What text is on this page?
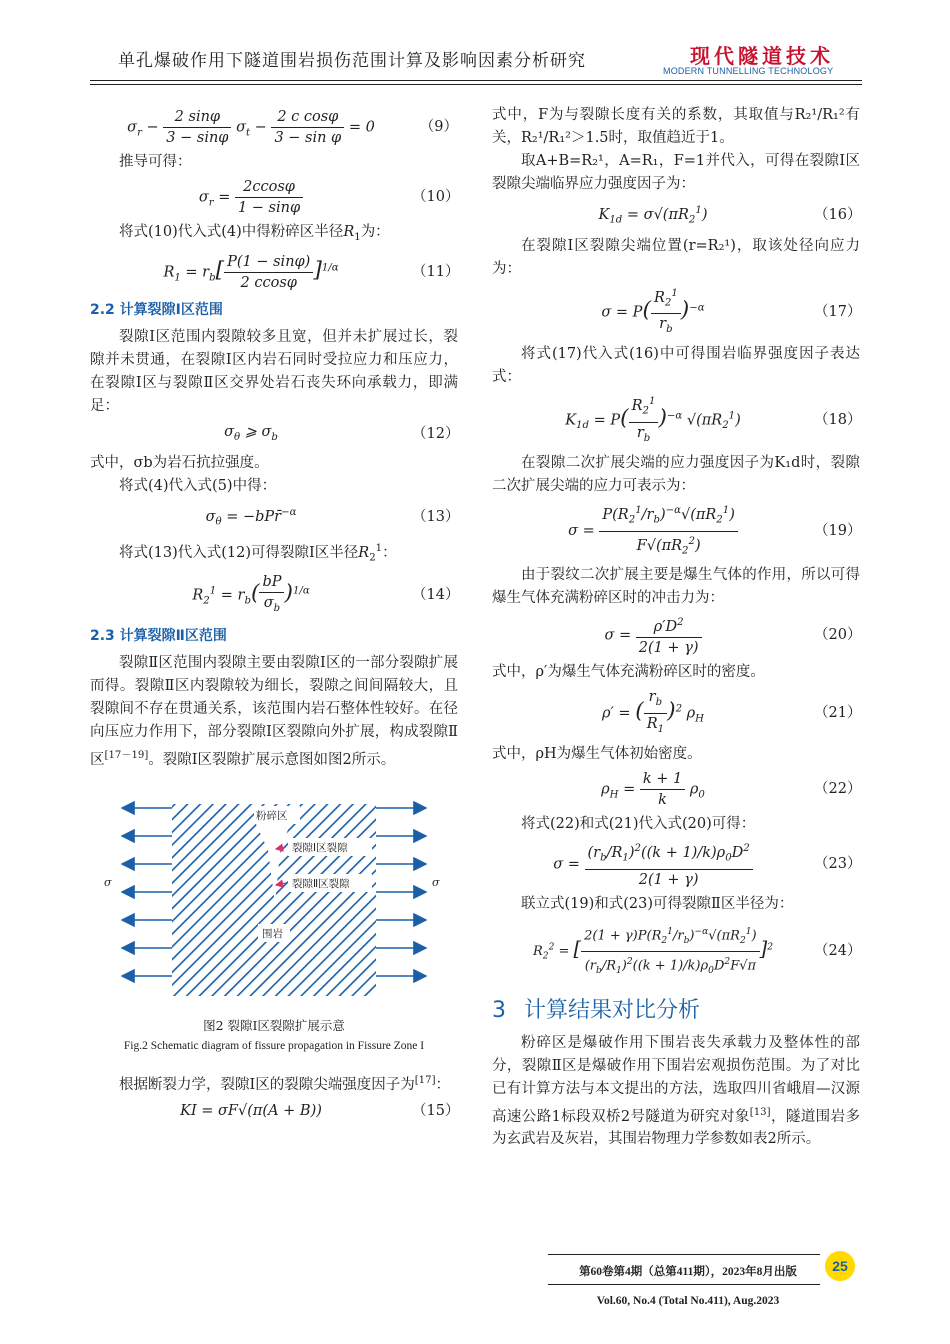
单孔爆破作用下隧道围岩损伤范围计算及影响因素分析研究	现代隧道技术
MODERN TUNNELLING TECHNOLOGY
$\sigma_r - \frac{2 \sin\varphi}{3 - \sin\varphi} \sigma_t - \frac{\text{2 c cosφ}}{\text{3 − sin φ}} = 0$	（9）

推导可得：

$\sigma_r = \frac{2ccos\varphi}{1 - \sin\varphi}$	（10）

将式(10)代入式(4)中得粉碎区半径$R_1$为：

$R_1 = r_b[ \frac{P(1 - \sin\varphi)}{2 ccos\varphi} ]^{1/\alpha}$	（11）
2.2 计算裂隙Ⅰ区范围

裂隙Ⅰ区范围内裂隙较多且宽，但并未扩展过长，裂隙并未贯通，在裂隙Ⅰ区内岩石同时受拉应力和压应力，在裂隙Ⅰ区与裂隙Ⅱ区交界处岩石丧失环向承载力，即满足：

$\sigma_\theta$ ⩾ $\sigma_b$	（12）

式中，σb为岩石抗拉强度。

将式(4)代入式(5)中得：

$\sigma_\theta$ = −bPr̄$^{-\alpha}$	（13）

将式(13)代入式(12)可得裂隙Ⅰ区半径$R_2^1$：

$R_2^1 = r_b( \frac{bP}{\sigma_b} )^{1/\alpha}$	（14）
2.3 计算裂隙Ⅱ区范围

裂隙Ⅱ区范围内裂隙主要由裂隙Ⅰ区的一部分裂隙扩展而得。裂隙Ⅱ区内裂隙较为细长，裂隙之间间隔较大，且裂隙间不存在贯通关系，该范围内岩石整体性较好。在径向压应力作用下，部分裂隙Ⅰ区裂隙向外扩展，构成裂隙Ⅱ区[17－19]。裂隙Ⅰ区裂隙扩展示意图如图2所示。

粉碎区
裂隙Ⅰ区裂隙
裂隙Ⅱ区裂隙
围岩
σ	σ
图2 裂隙Ⅰ区裂隙扩展示意
Fig.2 Schematic diagram of fissure propagation in Fissure Zone I

根据断裂力学，裂隙Ⅰ区的裂隙尖端强度因子为[17]：

KI = σF√(π(A + B))	（15）

式中，F为与裂隙长度有关的系数，其取值与R₂¹/R₁²有关，R₂¹/R₁²＞1.5时，取值趋近于1。

取A+B=R₂¹，A=R₁，F=1并代入，可得在裂隙Ⅰ区裂隙尖端临界应力强度因子为：

$K_{1d} = \sigma√(\pi R_2^1)$	（16）

在裂隙Ⅰ区裂隙尖端位置(r=R₂¹)，取该处径向应力为：

$\sigma = P( \frac{R_2^1}{r_b} )^{-\alpha}$	（17）

将式(17)代入式(16)中可得围岩临界强度因子表达式：

$K_{1d} = P( \frac{R_2^1}{r_b} )^{-\alpha}$ $√(\pi R_2^1)$	（18）

在裂隙二次扩展尖端的应力强度因子为K₁d时，裂隙二次扩展尖端的应力可表示为：

$\sigma = \frac{P(R_2^1/r_b)^{-\alpha}√(\pi R_2^1)}{F√(\pi R_2^2)}$	（19）

由于裂纹二次扩展主要是爆生气体的作用，所以可得爆生气体充满粉碎区时的冲击力为：

$\sigma = \frac{\rho'D^2}{2(1 + \gamma)}$	（20）

式中，ρ′为爆生气体充满粉碎区时的密度。

ρ′ = ( $\frac{r_b}{R_1} )^2$ $\rho_H$	（21）

式中，ρH为爆生气体初始密度。

$\rho_H = \frac{k + 1}{k} \rho_0$	（22）

将式(22)和式(21)代入式(20)可得：

$\sigma = \frac{(r_b/R_1)^2((k + 1)/k)\rho_0D^2}{2(1 + \gamma)}$	（23）

联立式(19)和式(23)可得裂隙Ⅱ区半径为：

$R_2^2$ = [ $\frac{2(1 + \gamma)P(R_2^1/r_b)^{-\alpha}√(\pi R_2^1)}{(r_b/R_1)^2((k + 1)/k)\rho_0D^2F√\pi} ]^2$	（24）
3 计算结果对比分析

粉碎区是爆破作用下围岩丧失承载力及整体性的部分，裂隙Ⅱ区是爆破作用下围岩宏观损伤范围。为了对比已有计算方法与本文提出的方法，选取四川省峨眉—汉源高速公路1标段双桥2号隧道为研究对象[13]，隧道围岩多为玄武岩及灰岩，其围岩物理力学参数如表2所示。

第60卷第4期（总第411期），2023年8月出版
Vol.60, No.4 (Total No.411), Aug.2023
25
